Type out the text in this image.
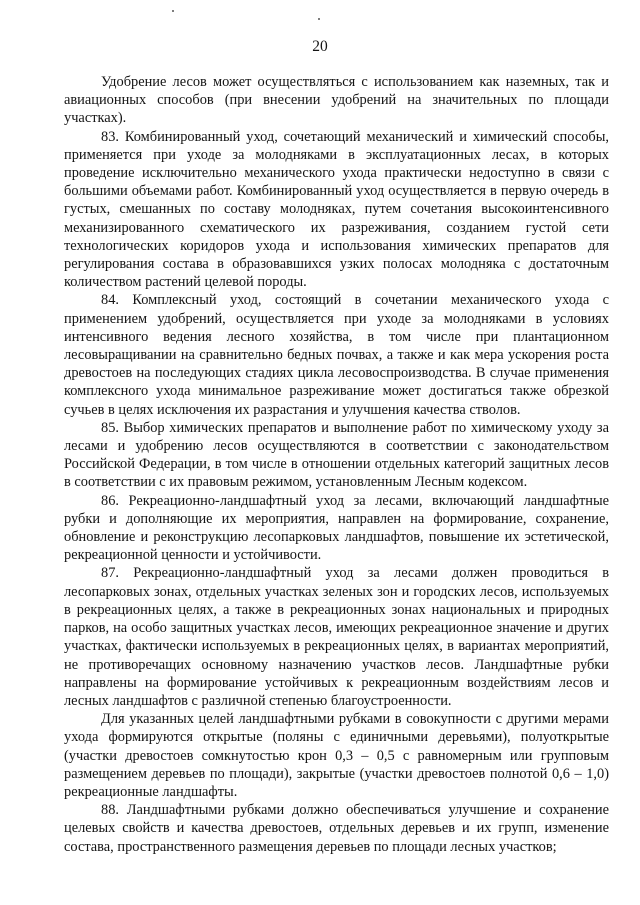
20

Удобрение лесов может осуществляться с использованием как наземных, так и авиационных способов (при внесении удобрений на значительных по площади участках).

83. Комбинированный уход, сочетающий механический и химический способы, применяется при уходе за молодняками в эксплуатационных лесах, в которых проведение исключительно механического ухода практически недоступно в связи с большими объемами работ. Комбинированный уход осуществляется в первую очередь в густых, смешанных по составу молодняках, путем сочетания высокоинтенсивного механизированного схематического их разреживания, созданием густой сети технологических коридоров ухода и использования химических препаратов для регулирования состава в образовавшихся узких полосах молодняка с достаточным количеством растений целевой породы.

84. Комплексный уход, состоящий в сочетании механического ухода с применением удобрений, осуществляется при уходе за молодняками в условиях интенсивного ведения лесного хозяйства, в том числе при плантационном лесовыращивании на сравнительно бедных почвах, а также и как мера ускорения роста древостоев на последующих стадиях цикла лесовоспроизводства. В случае применения комплексного ухода минимальное разреживание может достигаться также обрезкой сучьев в целях исключения их разрастания и улучшения качества стволов.

85. Выбор химических препаратов и выполнение работ по химическому уходу за лесами и удобрению лесов осуществляются в соответствии с законодательством Российской Федерации, в том числе в отношении отдельных категорий защитных лесов в соответствии с их правовым режимом, установленным Лесным кодексом.

86. Рекреационно-ландшафтный уход за лесами, включающий ландшафтные рубки и дополняющие их мероприятия, направлен на формирование, сохранение, обновление и реконструкцию лесопарковых ландшафтов, повышение их эстетической, рекреационной ценности и устойчивости.

87. Рекреационно-ландшафтный уход за лесами должен проводиться в лесопарковых зонах, отдельных участках зеленых зон и городских лесов, используемых в рекреационных целях, а также в рекреационных зонах национальных и природных парков, на особо защитных участках лесов, имеющих рекреационное значение и других участках, фактически используемых в рекреационных целях, в вариантах мероприятий, не противоречащих основному назначению участков лесов. Ландшафтные рубки направлены на формирование устойчивых к рекреационным воздействиям лесов и лесных ландшафтов с различной степенью благоустроенности.

Для указанных целей ландшафтными рубками в совокупности с другими мерами ухода формируются открытые (поляны с единичными деревьями), полуоткрытые (участки древостоев сомкнутостью крон 0,3 – 0,5 с равномерным или групповым размещением деревьев по площади), закрытые (участки древостоев полнотой 0,6 – 1,0) рекреационные ландшафты.

88. Ландшафтными рубками должно обеспечиваться улучшение и сохранение целевых свойств и качества древостоев, отдельных деревьев и их групп, изменение состава, пространственного размещения деревьев по площади лесных участков;
